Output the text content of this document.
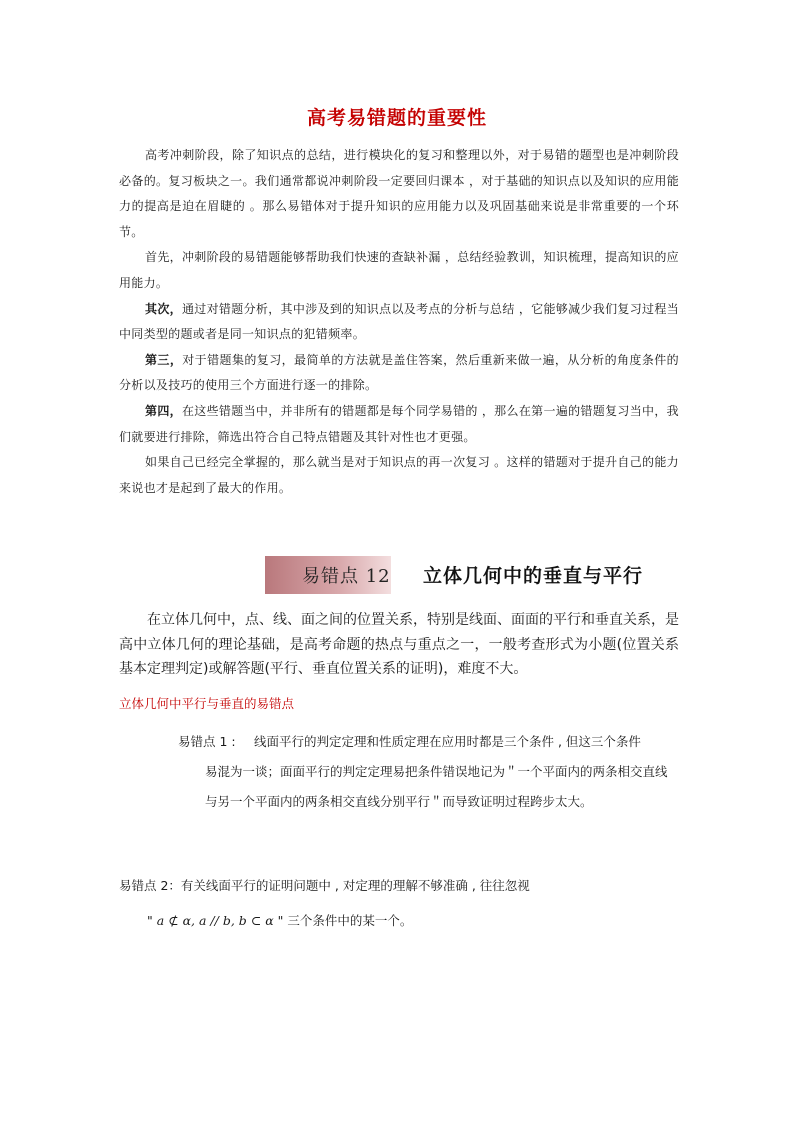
高考易错题的重要性

高考冲刺阶段，除了知识点的总结，进行模块化的复习和整理以外，对于易错的题型也是冲刺阶段必备的。复习板块之一。我们通常都说冲刺阶段一定要回归课本 ，对于基础的知识点以及知识的应用能力的提高是迫在眉睫的 。那么易错体对于提升知识的应用能力以及巩固基础来说是非常重要的一个环节。

首先，冲刺阶段的易错题能够帮助我们快速的查缺补漏 ，总结经验教训，知识梳理，提高知识的应用能力。

其次，通过对错题分析，其中涉及到的知识点以及考点的分析与总结 ，它能够减少我们复习过程当中同类型的题或者是同一知识点的犯错频率。

第三，对于错题集的复习，最简单的方法就是盖住答案，然后重新来做一遍，从分析的角度条件的分析以及技巧的使用三个方面进行逐一的排除。

第四，在这些错题当中，并非所有的错题都是每个同学易错的 ，那么在第一遍的错题复习当中，我们就要进行排除，筛选出符合自己特点错题及其针对性也才更强。

如果自己已经完全掌握的，那么就当是对于知识点的再一次复习 。这样的错题对于提升自己的能力来说也才是起到了最大的作用。

易错点 12 立体几何中的垂直与平行

在立体几何中，点、线、面之间的位置关系，特别是线面、面面的平行和垂直关系，是高中立体几何的理论基础，是高考命题的热点与重点之一，一般考查形式为小题(位置关系基本定理判定)或解答题(平行、垂直位置关系的证明)，难度不大。

立体几何中平行与垂直的易错点
易错点 1 : 线面平行的判定定理和性质定理在应用时都是三个条件 , 但这三个条件

易混为一谈；面面平行的判定定理易把条件错误地记为＂一个平面内的两条相交直线与另一个平面内的两条相交直线分别平行＂而导致证明过程跨步太大。

易错点 2：有关线面平行的证明问题中 , 对定理的理解不够准确 , 往往忽视
" a ⊄ α, a // b, b ⊂ α " 三个条件中的某一个。
